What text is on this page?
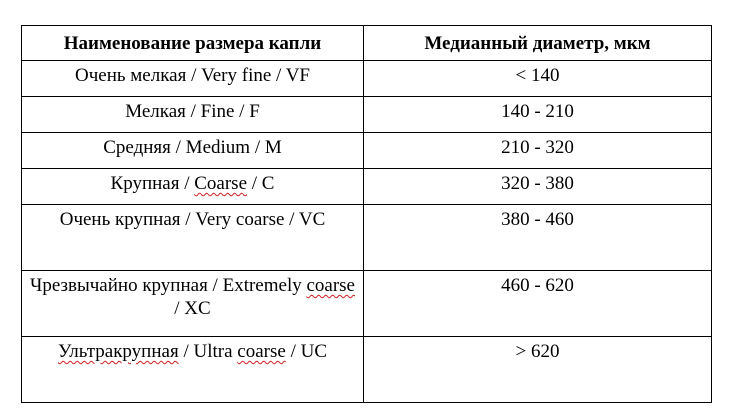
Наименование размера капли	Медианный диаметр, мкм
Очень мелкая / Very fine / VF	< 140
Мелкая / Fine / F	140 - 210
Средняя / Medium / M	210 - 320
Крупная / Coarse / C	320 - 380
Очень крупная / Very coarse / VC	380 - 460
Чрезвычайно крупная / Extremely coarse / XC	460 - 620
Ультракрупная / Ultra coarse / UC	> 620
